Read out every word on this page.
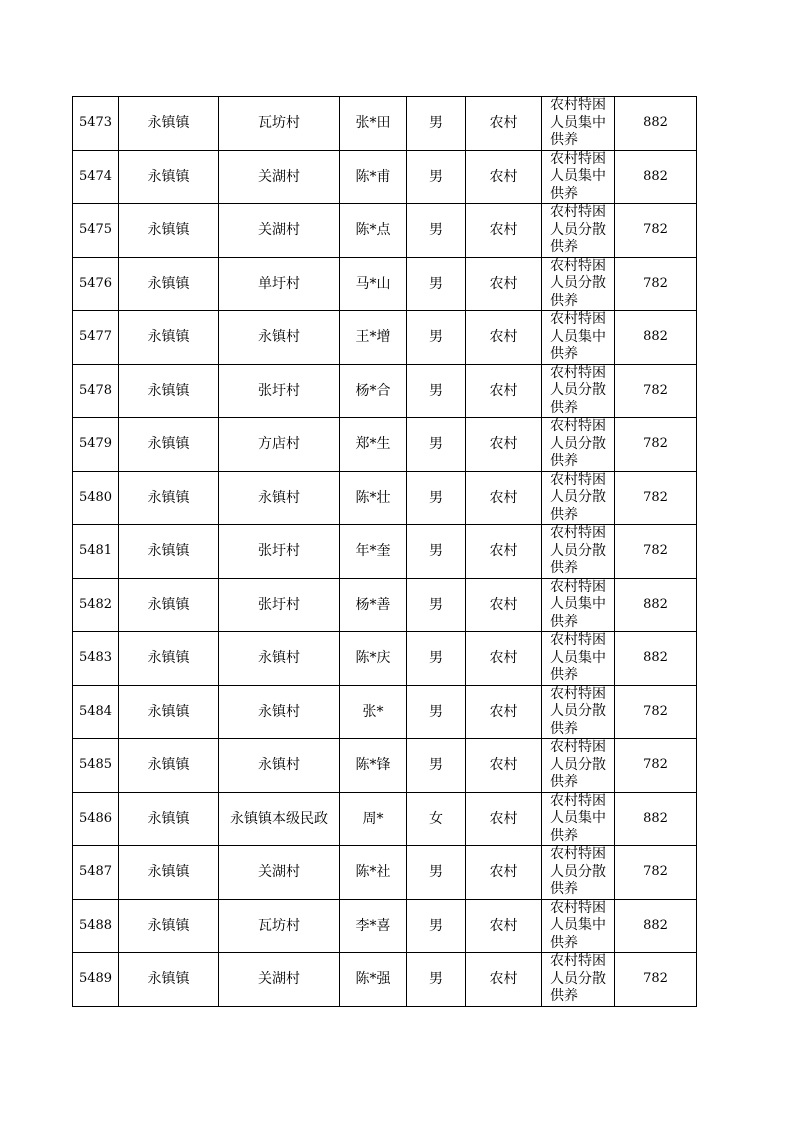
5473	永镇镇	瓦坊村	张*田	男	农村	农村特困人员集中供养	882
5474	永镇镇	关湖村	陈*甫	男	农村	农村特困人员集中供养	882
5475	永镇镇	关湖村	陈*点	男	农村	农村特困人员分散供养	782
5476	永镇镇	单圩村	马*山	男	农村	农村特困人员分散供养	782
5477	永镇镇	永镇村	王*增	男	农村	农村特困人员集中供养	882
5478	永镇镇	张圩村	杨*合	男	农村	农村特困人员分散供养	782
5479	永镇镇	方店村	郑*生	男	农村	农村特困人员分散供养	782
5480	永镇镇	永镇村	陈*壮	男	农村	农村特困人员分散供养	782
5481	永镇镇	张圩村	年*奎	男	农村	农村特困人员分散供养	782
5482	永镇镇	张圩村	杨*善	男	农村	农村特困人员集中供养	882
5483	永镇镇	永镇村	陈*庆	男	农村	农村特困人员集中供养	882
5484	永镇镇	永镇村	张*	男	农村	农村特困人员分散供养	782
5485	永镇镇	永镇村	陈*锋	男	农村	农村特困人员分散供养	782
5486	永镇镇	永镇镇本级民政	周*	女	农村	农村特困人员集中供养	882
5487	永镇镇	关湖村	陈*社	男	农村	农村特困人员分散供养	782
5488	永镇镇	瓦坊村	李*喜	男	农村	农村特困人员集中供养	882
5489	永镇镇	关湖村	陈*强	男	农村	农村特困人员分散供养	782
